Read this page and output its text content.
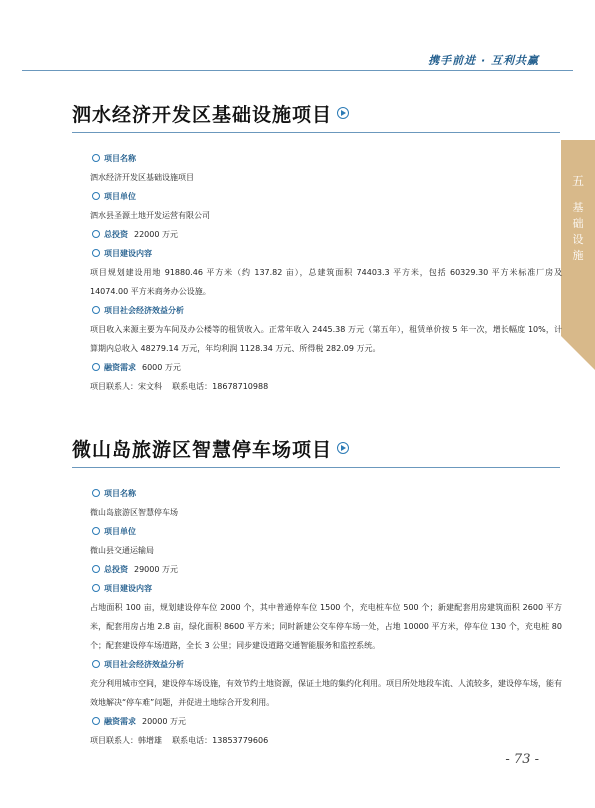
携手前进 · 互利共赢
五
基
础
设
施
泗水经济开发区基础设施项目
项目名称
泗水经济开发区基础设施项目
项目单位
泗水县圣源土地开发运营有限公司
总投资 22000 万元
项目建设内容
项目规划建设用地 91880.46 平方米（约 137.82 亩），总建筑面积 74403.3 平方米，包括 60329.30 平方米标准厂房及 14074.00 平方米商务办公设施。
项目社会经济效益分析
项目收入来源主要为车间及办公楼等的租赁收入。正常年收入 2445.38 万元（第五年），租赁单价按 5 年一次，增长幅度 10%，计算期内总收入 48279.14 万元，年均利润 1128.34 万元、所得税 282.09 万元。
融资需求 6000 万元
项目联系人：宋文科 联系电话：18678710988
微山岛旅游区智慧停车场项目
项目名称
微山岛旅游区智慧停车场
项目单位
微山县交通运输局
总投资 29000 万元
项目建设内容
占地面积 100 亩，规划建设停车位 2000 个，其中普通停车位 1500 个，充电桩车位 500 个；新建配套用房建筑面积 2600 平方米，配套用房占地 2.8 亩，绿化面积 8600 平方米；同时新建公交车停车场一处，占地 10000 平方米，停车位 130 个，充电桩 80 个；配套建设停车场道路，全长 3 公里；同步建设道路交通智能服务和监控系统。
项目社会经济效益分析
充分利用城市空间，建设停车场设施，有效节约土地资源，保证土地的集约化利用。项目所处地段车流、人流较多，建设停车场，能有效地解决“停车难”问题，并促进土地综合开发利用。
融资需求 20000 万元
项目联系人：韩增雄 联系电话：13853779606
- 73 -
